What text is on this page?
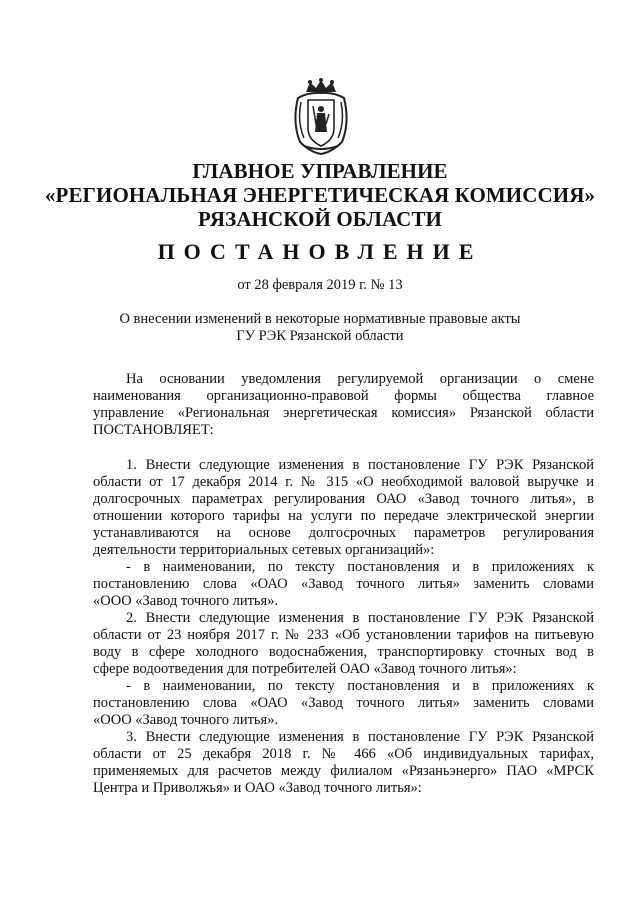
ГЛАВНОЕ УПРАВЛЕНИЕ
«РЕГИОНАЛЬНАЯ ЭНЕРГЕТИЧЕСКАЯ КОМИССИЯ»
РЯЗАНСКОЙ ОБЛАСТИ
ПОСТАНОВЛЕНИЕ
от 28 февраля 2019 г. № 13
О внесении изменений в некоторые нормативные правовые акты
ГУ РЭК Рязанской области
На основании уведомления регулируемой организации о смене
наименования организационно-правовой формы общества главное
управление «Региональная энергетическая комиссия» Рязанской области
ПОСТАНОВЛЯЕТ:
1. Внести следующие изменения в постановление ГУ РЭК Рязанской
области от 17 декабря 2014 г. № 315 «О необходимой валовой выручке и
долгосрочных параметрах регулирования ОАО «Завод точного литья», в
отношении которого тарифы на услуги по передаче электрической энергии
устанавливаются на основе долгосрочных параметров регулирования
деятельности территориальных сетевых организаций»:
- в наименовании, по тексту постановления и в приложениях к
постановлению слова «ОАО «Завод точного литья» заменить словами
«ООО «Завод точного литья».
2. Внести следующие изменения в постановление ГУ РЭК Рязанской
области от 23 ноября 2017 г. № 233 «Об установлении тарифов на питьевую
воду в сфере холодного водоснабжения, транспортировку сточных вод в
сфере водоотведения для потребителей ОАО «Завод точного литья»:
- в наименовании, по тексту постановления и в приложениях к
постановлению слова «ОАО «Завод точного литья» заменить словами
«ООО «Завод точного литья».
3. Внести следующие изменения в постановление ГУ РЭК Рязанской
области от 25 декабря 2018 г. № 466 «Об индивидуальных тарифах,
применяемых для расчетов между филиалом «Рязаньэнерго» ПАО «МРСК
Центра и Приволжья» и ОАО «Завод точного литья»:
